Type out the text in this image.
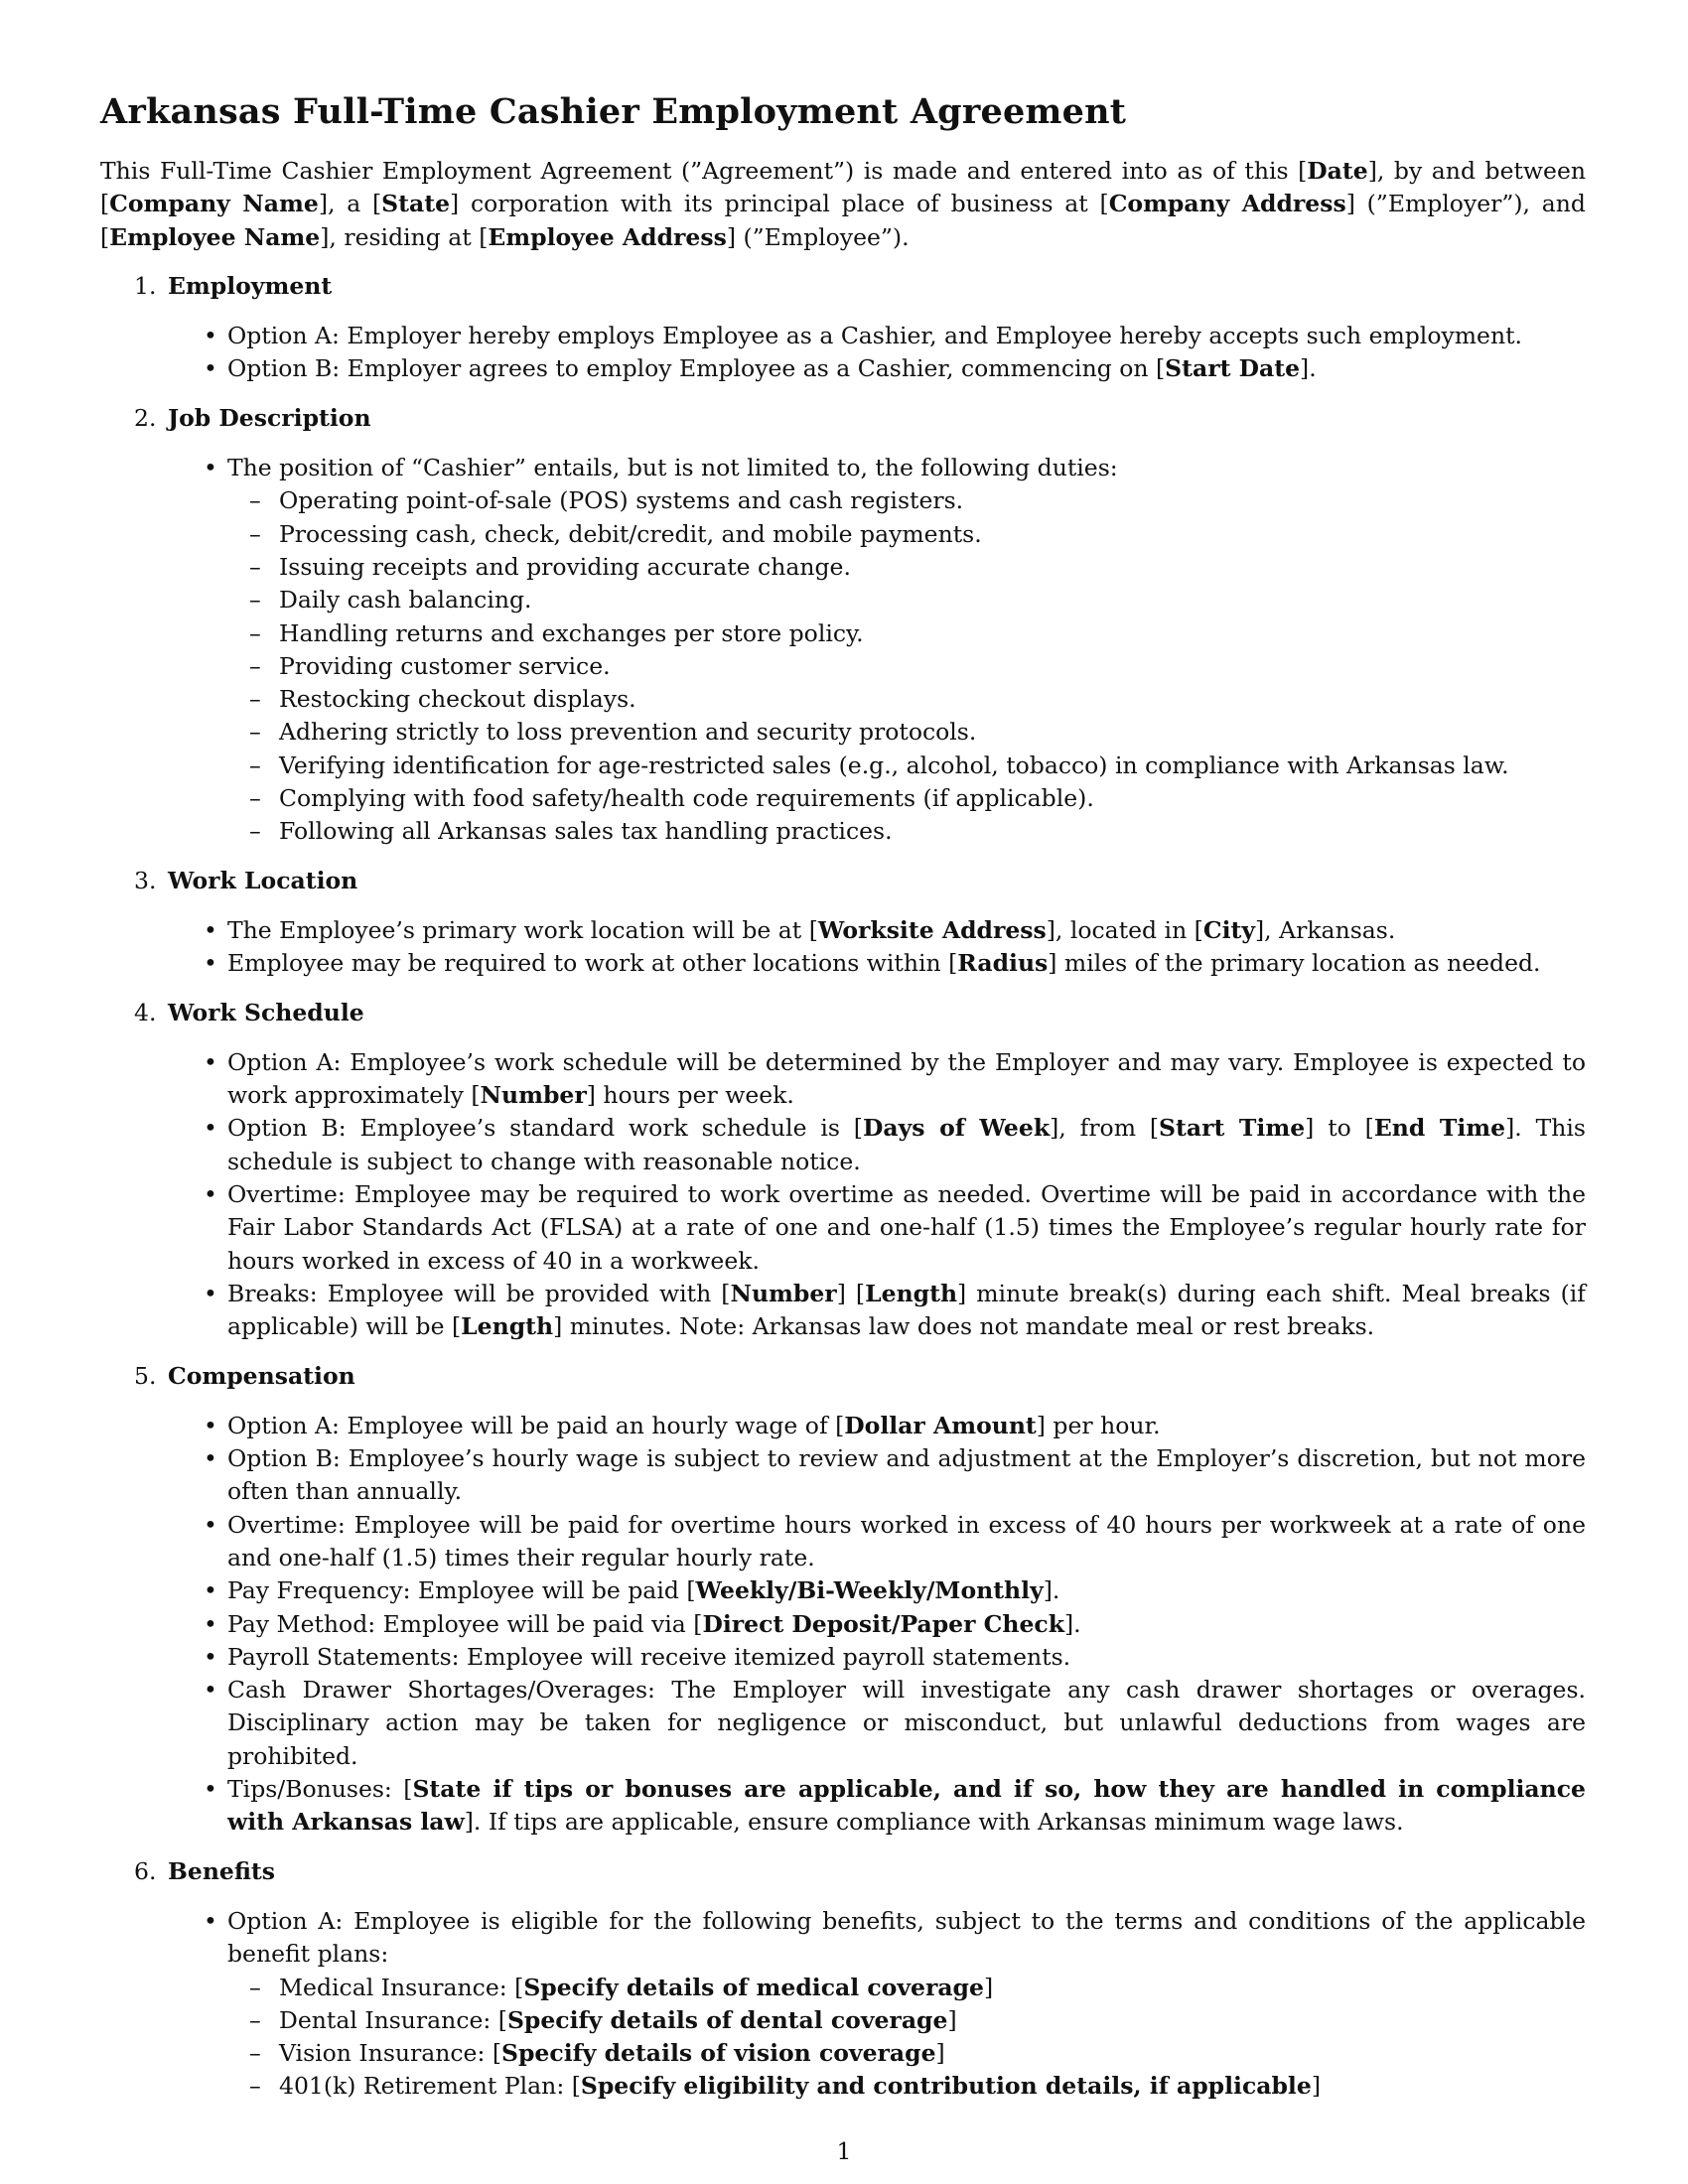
Arkansas Full-Time Cashier Employment Agreement

This Full-Time Cashier Employment Agreement (”Agreement”) is made and entered into as of this [Date], by and between [Company Name], a [State] corporation with its principal place of business at [Company Address] (”Employer”), and [Employee Name], residing at [Employee Address] (”Employee”).

1. Employment
• Option A: Employer hereby employs Employee as a Cashier, and Employee hereby accepts such employment.
• Option B: Employer agrees to employ Employee as a Cashier, commencing on [Start Date].
2. Job Description
• The position of “Cashier” entails, but is not limited to, the following duties:
– Operating point-of-sale (POS) systems and cash registers.
– Processing cash, check, debit/credit, and mobile payments.
– Issuing receipts and providing accurate change.
– Daily cash balancing.
– Handling returns and exchanges per store policy.
– Providing customer service.
– Restocking checkout displays.
– Adhering strictly to loss prevention and security protocols.
– Verifying identification for age-restricted sales (e.g., alcohol, tobacco) in compliance with Arkansas law.
– Complying with food safety/health code requirements (if applicable).
– Following all Arkansas sales tax handling practices.
3. Work Location
• The Employee’s primary work location will be at [Worksite Address], located in [City], Arkansas.
• Employee may be required to work at other locations within [Radius] miles of the primary location as needed.
4. Work Schedule
• Option A: Employee’s work schedule will be determined by the Employer and may vary. Employee is expected to work approximately [Number] hours per week.
• Option B: Employee’s standard work schedule is [Days of Week], from [Start Time] to [End Time]. This schedule is subject to change with reasonable notice.
• Overtime: Employee may be required to work overtime as needed. Overtime will be paid in accordance with the Fair Labor Standards Act (FLSA) at a rate of one and one-half (1.5) times the Employee’s regular hourly rate for hours worked in excess of 40 in a workweek.
• Breaks: Employee will be provided with [Number] [Length] minute break(s) during each shift. Meal breaks (if applicable) will be [Length] minutes. Note: Arkansas law does not mandate meal or rest breaks.
5. Compensation
• Option A: Employee will be paid an hourly wage of [Dollar Amount] per hour.
• Option B: Employee’s hourly wage is subject to review and adjustment at the Employer’s discretion, but not more often than annually.
• Overtime: Employee will be paid for overtime hours worked in excess of 40 hours per workweek at a rate of one and one-half (1.5) times their regular hourly rate.
• Pay Frequency: Employee will be paid [Weekly/Bi-Weekly/Monthly].
• Pay Method: Employee will be paid via [Direct Deposit/Paper Check].
• Payroll Statements: Employee will receive itemized payroll statements.
• Cash Drawer Shortages/Overages: The Employer will investigate any cash drawer shortages or overages. Disciplinary action may be taken for negligence or misconduct, but unlawful deductions from wages are prohibited.
• Tips/Bonuses: [State if tips or bonuses are applicable, and if so, how they are handled in compliance with Arkansas law]. If tips are applicable, ensure compliance with Arkansas minimum wage laws.
6. Benefits
• Option A: Employee is eligible for the following benefits, subject to the terms and conditions of the applicable benefit plans:
– Medical Insurance: [Specify details of medical coverage]
– Dental Insurance: [Specify details of dental coverage]
– Vision Insurance: [Specify details of vision coverage]
– 401(k) Retirement Plan: [Specify eligibility and contribution details, if applicable]
1
